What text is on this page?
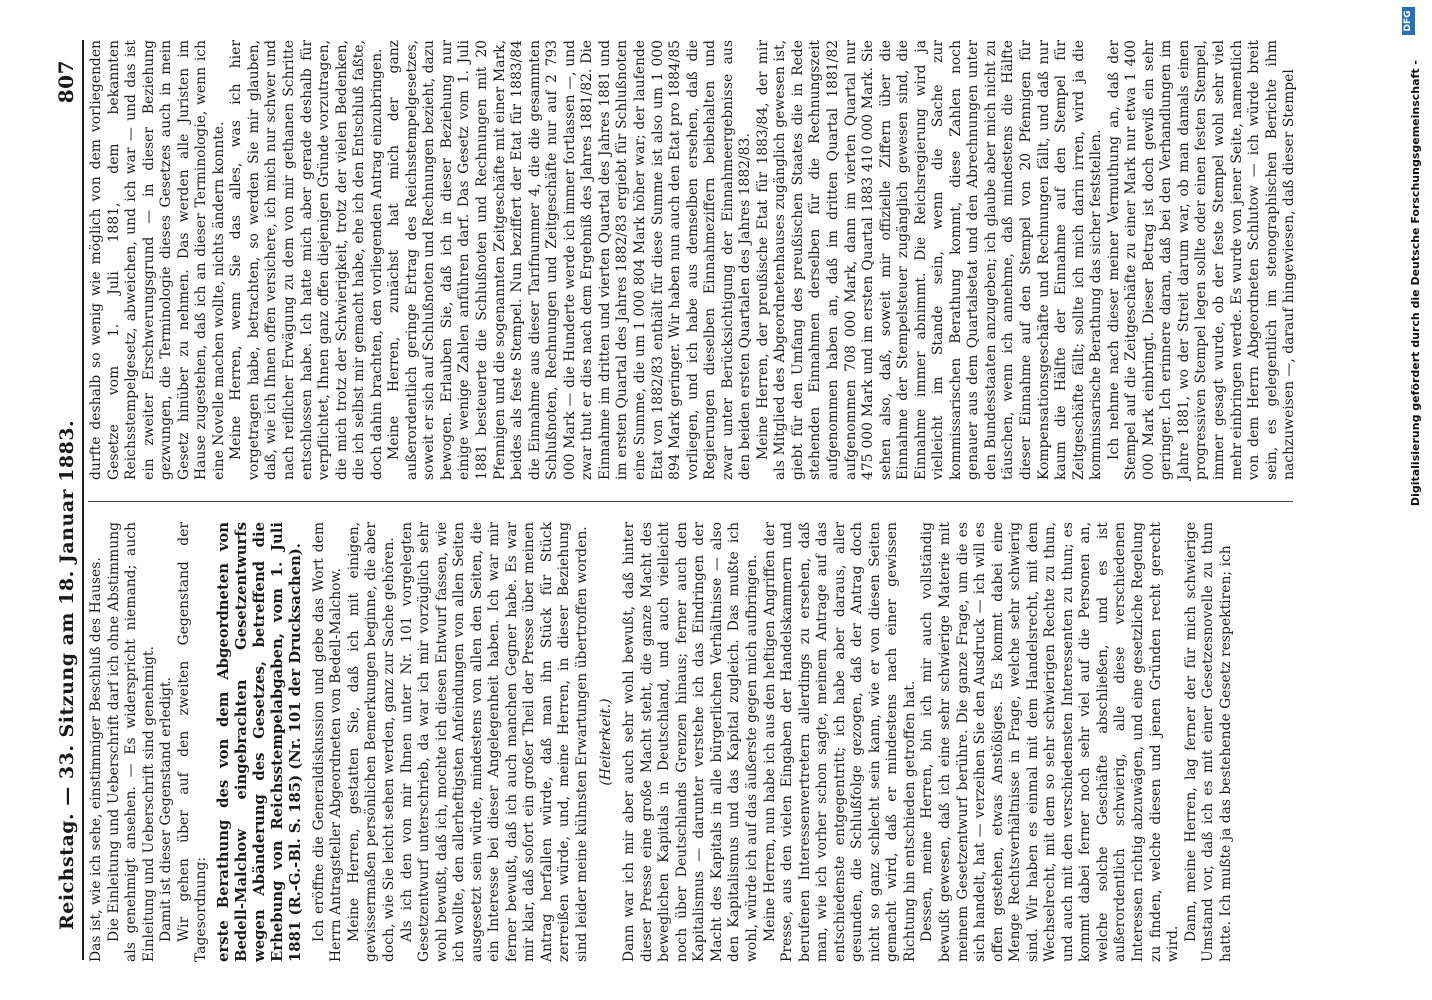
Reichstag. — 33. Sitzung am 18. Januar 1883.
807

Das ist, wie ich sehe, einstimmiger Beschluß des Hauses. Die Einleitung und Ueberschrift darf ich ohne Abstimmung als genehmigt ansehen. — Es widerspricht niemand; auch Einleitung und Ueberschrift sind genehmigt. Damit ist dieser Gegenstand erledigt. Wir gehen über auf den zweiten Gegenstand der Tagesordnung: erste Berathung des von dem Abgeordneten von Bedell-Malchow eingebrachten Gesetzentwurfs wegen Abänderung des Gesetzes, betreffend die Erhebung von Reichsstempelabgaben, vom 1. Juli 1881 (R.-G.-Bl. S. 185) (Nr. 101 der Drucksachen). Ich eröffne die Generaldiskussion und gebe das Wort dem Herrn Antragsteller Abgeordneten von Bedell-Malchow. Meine Herren, gestatten Sie, daß ich mit einigen, gewissermaßen persönlichen Bemerkungen beginne, die aber doch, wie Sie leicht sehen werden, ganz zur Sache gehören. Als ich den von mir Ihnen unter Nr. 101 vorgelegten Gesetzentwurf unterschrieb, da war ich mir vorzüglich sehr wohl bewußt, daß ich, mochte ich diesen Entwurf fassen, wie ich wollte, den allerheftigsten Anfeindungen von allen Seiten ausgesetzt sein würde, mindestens von allen den Seiten, die ein Interesse bei dieser Angelegenheit haben. Ich war mir ferner bewußt, daß ich auch manchen Gegner habe. Es war mir klar, daß sofort ein großer Theil der Presse über meinen Antrag herfallen würde, daß man ihn Stück für Stück zerreißen würde, und, meine Herren, in dieser Beziehung sind leider meine kühnsten Erwartungen übertroffen worden. (Heiterkeit.) Dann war ich mir aber auch sehr wohl bewußt, daß hinter dieser Presse eine große Macht steht, die ganze Macht des beweglichen Kapitals in Deutschland, und auch vielleicht noch über Deutschlands Grenzen hinaus; ferner auch den Kapitalismus — darunter verstehe ich das Eindringen der Macht des Kapitals in alle bürgerlichen Verhältnisse — also den Kapitalismus und das Kapital zugleich. Das mußte ich wohl, würde ich auf das äußerste gegen mich aufbringen. Meine Herren, nun habe ich aus den heftigen Angriffen der Presse, aus den vielen Eingaben der Handelskammern und berufenen Interessenvertretern allerdings zu ersehen, daß man, wie ich vorher schon sagte, meinem Antrage auf das entschiedenste entgegentritt; ich habe aber daraus, aller gesunden, die Schlußfolge gezogen, daß der Antrag doch nicht so ganz schlecht sein kann, wie er von diesen Seiten gemacht wird, daß er mindestens nach einer gewissen Richtung hin entschieden getroffen hat. Dessen, meine Herren, bin ich mir auch vollständig bewußt gewesen, daß ich eine sehr schwierige Materie mit meinem Gesetzentwurf berühre. Die ganze Frage, um die es sich handelt, hat — verzeihen Sie den Ausdruck — ich will es offen gestehen, etwas Anstößiges. Es kommt dabei eine Menge Rechtsverhältnisse in Frage, welche sehr schwierig sind. Wir haben es einmal mit dem Handelsrecht, mit dem Wechselrecht, mit dem so sehr schwierigen Rechte zu thun, und auch mit den verschiedensten Interessenten zu thun; es kommt dabei ferner noch sehr viel auf die Personen an, welche solche Geschäfte abschließen, und es ist außerordentlich schwierig, alle diese verschiedenen Interessen richtig abzuwägen, und eine gesetzliche Regelung zu finden, welche diesen und jenen Gründen recht gerecht wird.

Dann, meine Herren, lag ferner der für mich schwierige Umstand vor, daß ich es mit einer Gesetzesnovelle zu thun hatte. Ich mußte ja das bestehende Gesetz respektiren; ich

durfte deshalb so wenig wie möglich von dem vorliegenden Gesetze vom 1. Juli 1881, dem bekannten Reichsstempelgesetz, abweichen, und ich war — und das ist ein zweiter Erschwerungsgrund — in dieser Beziehung gezwungen, die Terminologie dieses Gesetzes auch in mein Gesetz hinüber zu nehmen. Das werden alle Juristen im Hause zugestehen, daß ich an dieser Terminologie, wenn ich eine Novelle machen wollte, nichts ändern konnte. Meine Herren, wenn Sie das alles, was ich hier vorgetragen habe, betrachten, so werden Sie mir glauben, daß, wie ich Ihnen offen versichere, ich mich nur schwer und nach reiflicher Erwägung zu dem von mir gethanen Schritte entschlossen habe. Ich hatte mich aber gerade deshalb für verpflichtet, Ihnen ganz offen diejenigen Gründe vorzutragen, die mich trotz der Schwierigkeit, trotz der vielen Bedenken, die ich selbst mir gemacht habe, ehe ich den Entschluß faßte, doch dahin brachten, den vorliegenden Antrag einzubringen. Meine Herren, zunächst hat mich der ganz außerordentlich geringe Ertrag des Reichsstempelgesetzes, soweit er sich auf Schlußnoten und Rechnungen bezieht, dazu bewogen. Erlauben Sie, daß ich in dieser Beziehung nur einige wenige Zahlen anführen darf. Das Gesetz vom 1. Juli 1881 besteuerte die Schlußnoten und Rechnungen mit 20 Pfennigen und die sogenannten Zeitgeschäfte mit einer Mark, beides als feste Stempel. Nun beziffert der Etat für 1883/84 die Einnahme aus dieser Tarifnummer 4, die die gesammten Schlußnoten, Rechnungen und Zeitgeschäfte nur auf 2 793 000 Mark — die Hunderte werde ich immer fortlassen —, und zwar thut er dies nach dem Ergebniß des Jahres 1881/82. Die Einnahme im dritten und vierten Quartal des Jahres 1881 und im ersten Quartal des Jahres 1882/83 ergiebt für Schlußnoten eine Summe, die um 1 000 804 Mark höher war; der laufende Etat von 1882/83 enthält für diese Summe ist also um 1 000 894 Mark geringer. Wir haben nun auch den Etat pro 1884/85 vorliegen, und ich habe aus demselben ersehen, daß die Regierungen dieselben Einnahmeziffern beibehalten und zwar unter Berücksichtigung der Einnahmeergebnisse aus den beiden ersten Quartalen des Jahres 1882/83. Meine Herren, der preußische Etat für 1883/84, der mir als Mitglied des Abgeordnetenhauses zugänglich gewesen ist, giebt für den Umfang des preußischen Staates die in Rede stehenden Einnahmen derselben für die Rechnungszeit aufgenommen haben an, daß im dritten Quartal 1881/82 aufgenommen 708 000 Mark, dann im vierten Quartal nur 475 000 Mark und im ersten Quartal 1883 410 000 Mark. Sie sehen also, daß, soweit mir offizielle Ziffern über die Einnahme der Stempelsteuer zugänglich gewesen sind, die Einnahme immer abnimmt. Die Reichsregierung wird ja vielleicht im Stande sein, wenn die Sache zur kommissarischen Berathung kommt, diese Zahlen noch genauer aus dem Quartalsetat und den Abrechnungen unter den Bundesstaaten anzugeben; ich glaube aber mich nicht zu täuschen, wenn ich annehme, daß mindestens die Hälfte dieser Einnahme auf den Stempel von 20 Pfennigen für Kompensationsgeschäfte und Rechnungen fällt, und daß nur kaum die Hälfte der Einnahme auf den Stempel für Zeitgeschäfte fällt; sollte ich mich darin irren, wird ja die kommissarische Berathung das sicher feststellen. Ich nehme nach dieser meiner Vermuthung an, daß der Stempel auf die Zeitgeschäfte zu einer Mark nur etwa 1 400 000 Mark einbringt. Dieser Betrag ist doch gewiß ein sehr geringer. Ich erinnere daran, daß bei den Verhandlungen im Jahre 1881, wo der Streit darum war, ob man damals einen progressiven Stempel legen sollte oder einen festen Stempel, immer gesagt wurde, ob der feste Stempel wohl sehr viel mehr einbringen werde. Es wurde von jener Seite, namentlich von dem Herrn Abgeordneten Schlutow — ich würde breit sein, es gelegentlich im stenographischen Berichte ihm nachzuweisen —, darauf hingewiesen, daß dieser Stempel	Digitalisierung gefördert durch die Deutsche Forschungsgemeinschaft -
DFG
